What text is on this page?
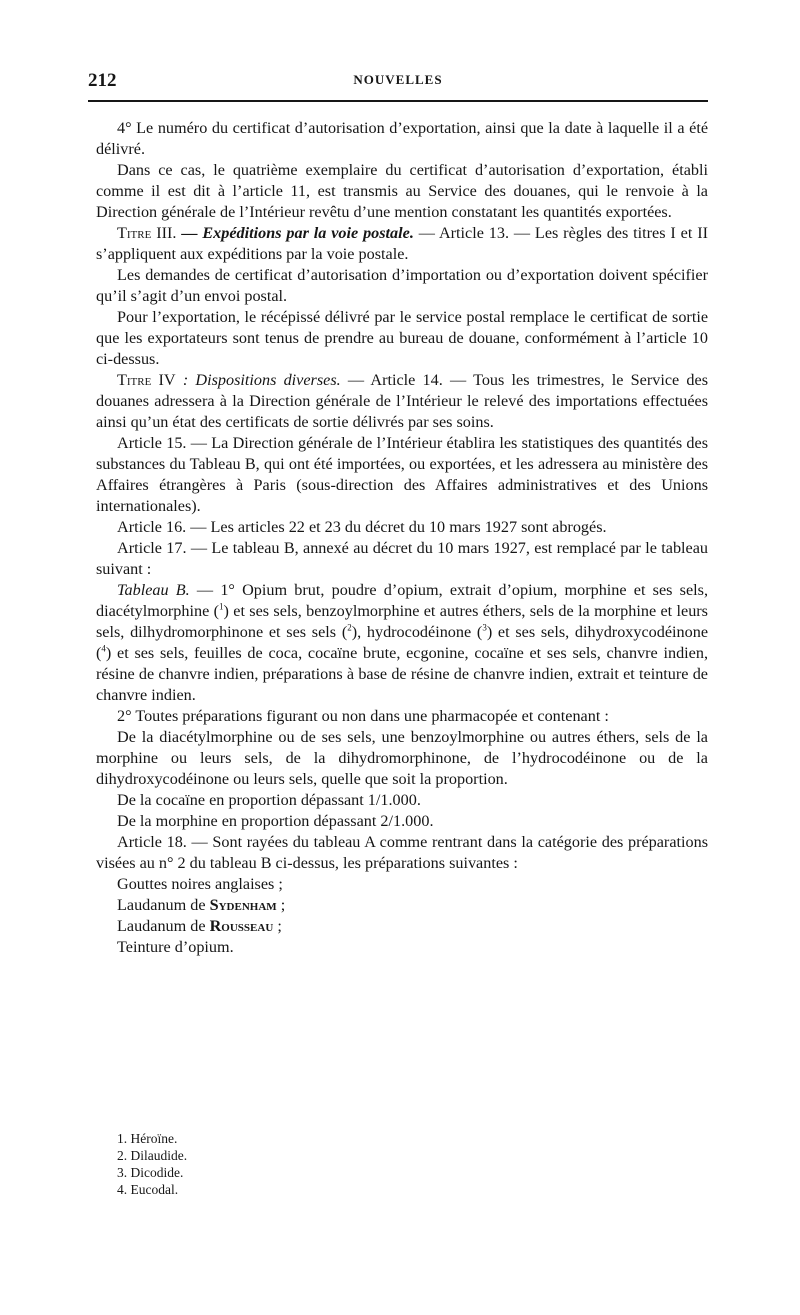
212	NOUVELLES

4° Le numéro du certificat d’autorisation d’exportation, ainsi que la date à laquelle il a été délivré.

Dans ce cas, le quatrième exemplaire du certificat d’autorisation d’exportation, établi comme il est dit à l’article 11, est transmis au Service des douanes, qui le renvoie à la Direction générale de l’Intérieur revêtu d’une mention constatant les quantités exportées.

Titre III. — Expéditions par la voie postale. — Article 13. — Les règles des titres I et II s’appliquent aux expéditions par la voie postale.

Les demandes de certificat d’autorisation d’importation ou d’exportation doivent spécifier qu’il s’agit d’un envoi postal.

Pour l’exportation, le récépissé délivré par le service postal remplace le certificat de sortie que les exportateurs sont tenus de prendre au bureau de douane, conformément à l’article 10 ci-dessus.

Titre IV : Dispositions diverses. — Article 14. — Tous les trimestres, le Service des douanes adressera à la Direction générale de l’Intérieur le relevé des importations effectuées ainsi qu’un état des certificats de sortie délivrés par ses soins.

Article 15. — La Direction générale de l’Intérieur établira les statistiques des quantités des substances du Tableau B, qui ont été importées, ou exportées, et les adressera au ministère des Affaires étrangères à Paris (sous-direction des Affaires administratives et des Unions internationales).

Article 16. — Les articles 22 et 23 du décret du 10 mars 1927 sont abrogés.

Article 17. — Le tableau B, annexé au décret du 10 mars 1927, est remplacé par le tableau suivant :

Tableau B. — 1° Opium brut, poudre d’opium, extrait d’opium, morphine et ses sels, diacétylmorphine ($^1$) et ses sels, benzoylmorphine et autres éthers, sels de la morphine et leurs sels, dilhydromorphinone et ses sels ($^2$), hydrocodéinone ($^3$) et ses sels, dihydroxycodéinone ($^4$) et ses sels, feuilles de coca, cocaïne brute, ecgonine, cocaïne et ses sels, chanvre indien, résine de chanvre indien, préparations à base de résine de chanvre indien, extrait et teinture de chanvre indien.

2° Toutes préparations figurant ou non dans une pharmacopée et contenant :

De la diacétylmorphine ou de ses sels, une benzoylmorphine ou autres éthers, sels de la morphine ou leurs sels, de la dihydromorphinone, de l’hydrocodéinone ou de la dihydroxycodéinone ou leurs sels, quelle que soit la proportion.

De la cocaïne en proportion dépassant 1/1.000.

De la morphine en proportion dépassant 2/1.000.

Article 18. — Sont rayées du tableau A comme rentrant dans la catégorie des préparations visées au n° 2 du tableau B ci-dessus, les préparations suivantes :

Gouttes noires anglaises ;
Laudanum de Sydenham ;
Laudanum de Rousseau ;
Teinture d’opium.
1. Héroïne.
2. Dilaudide.
3. Dicodide.
4. Eucodal.
